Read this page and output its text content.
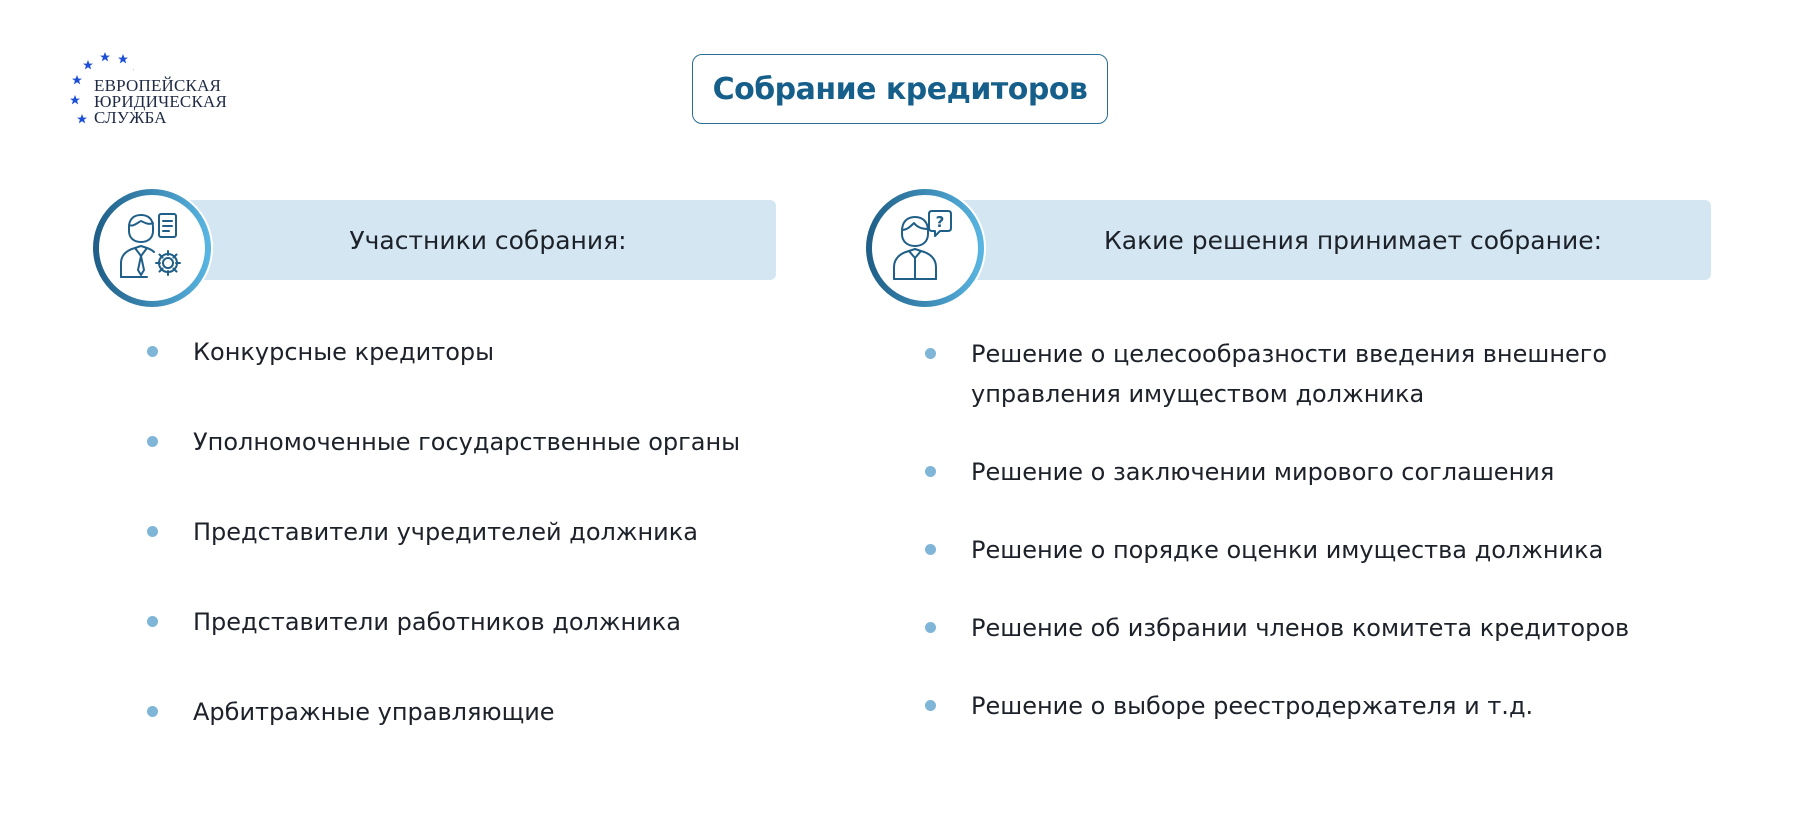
ЕВРОПЕЙСКАЯ
ЮРИДИЧЕСКАЯ
СЛУЖБА
Собрание кредиторов
Участники собрания:	Какие решения принимает собрание:
?
Конкурсные кредиторы
Уполномоченные государственные органы
Представители учредителей должника
Представители работников должника
Арбитражные управляющие
Решение о целесообразности введения внешнего управления имуществом должника
Решение о заключении мирового соглашения
Решение о порядке оценки имущества должника
Решение об избрании членов комитета кредиторов
Решение о выборе реестродержателя и т.д.
